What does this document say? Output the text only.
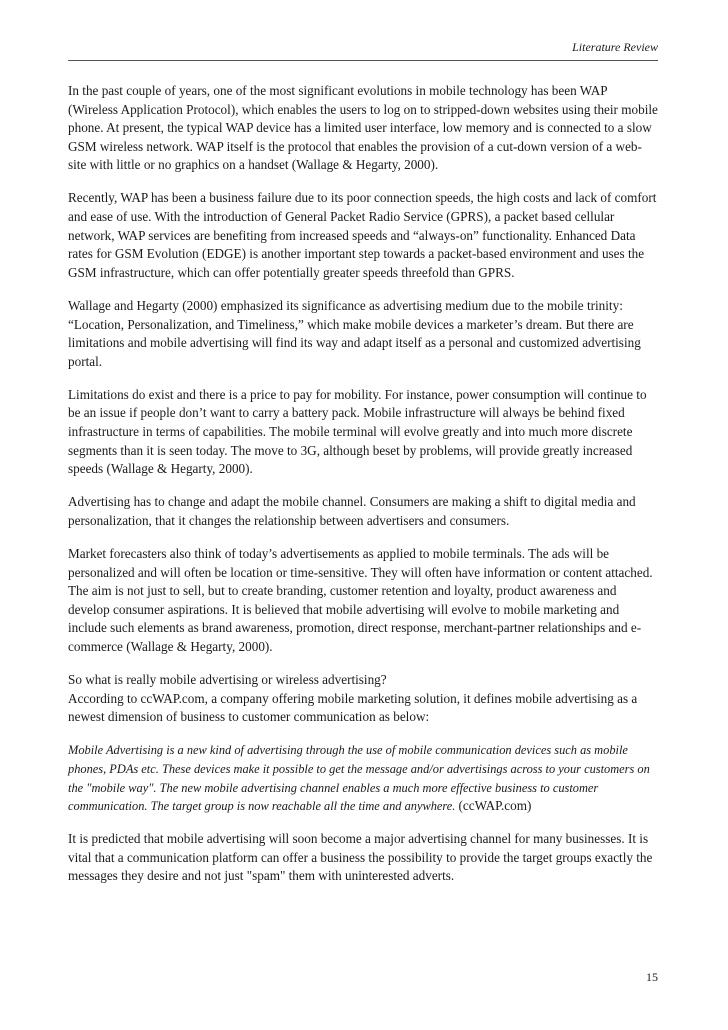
Literature Review

In the past couple of years, one of the most significant evolutions in mobile technology has been WAP (Wireless Application Protocol), which enables the users to log on to stripped-down websites using their mobile phone. At present, the typical WAP device has a limited user interface, low memory and is connected to a slow GSM wireless network. WAP itself is the protocol that enables the provision of a cut-down version of a web-site with little or no graphics on a handset (Wallage & Hegarty, 2000).

Recently, WAP has been a business failure due to its poor connection speeds, the high costs and lack of comfort and ease of use. With the introduction of General Packet Radio Service (GPRS), a packet based cellular network, WAP services are benefiting from increased speeds and “always-on” functionality. Enhanced Data rates for GSM Evolution (EDGE) is another important step towards a packet-based environment and uses the GSM infrastructure, which can offer potentially greater speeds threefold than GPRS.

Wallage and Hegarty (2000) emphasized its significance as advertising medium due to the mobile trinity: “Location, Personalization, and Timeliness,” which make mobile devices a marketer’s dream. But there are limitations and mobile advertising will find its way and adapt itself as a personal and customized advertising portal.

Limitations do exist and there is a price to pay for mobility. For instance, power consumption will continue to be an issue if people don’t want to carry a battery pack. Mobile infrastructure will always be behind fixed infrastructure in terms of capabilities. The mobile terminal will evolve greatly and into much more discrete segments than it is seen today. The move to 3G, although beset by problems, will provide greatly increased speeds (Wallage & Hegarty, 2000).

Advertising has to change and adapt the mobile channel. Consumers are making a shift to digital media and personalization, that it changes the relationship between advertisers and consumers.

Market forecasters also think of today’s advertisements as applied to mobile terminals. The ads will be personalized and will often be location or time-sensitive. They will often have information or content attached. The aim is not just to sell, but to create branding, customer retention and loyalty, product awareness and develop consumer aspirations. It is believed that mobile advertising will evolve to mobile marketing and include such elements as brand awareness, promotion, direct response, merchant-partner relationships and e-commerce (Wallage & Hegarty, 2000).

So what is really mobile advertising or wireless advertising?

According to ccWAP.com, a company offering mobile marketing solution, it defines mobile advertising as a newest dimension of business to customer communication as below:

Mobile Advertising is a new kind of advertising through the use of mobile communication devices such as mobile phones, PDAs etc. These devices make it possible to get the message and/or advertisings across to your customers on the "mobile way". The new mobile advertising channel enables a much more effective business to customer communication. The target group is now reachable all the time and anywhere. (ccWAP.com)

It is predicted that mobile advertising will soon become a major advertising channel for many businesses. It is vital that a communication platform can offer a business the possibility to provide the target groups exactly the messages they desire and not just "spam" them with uninterested adverts.

15
